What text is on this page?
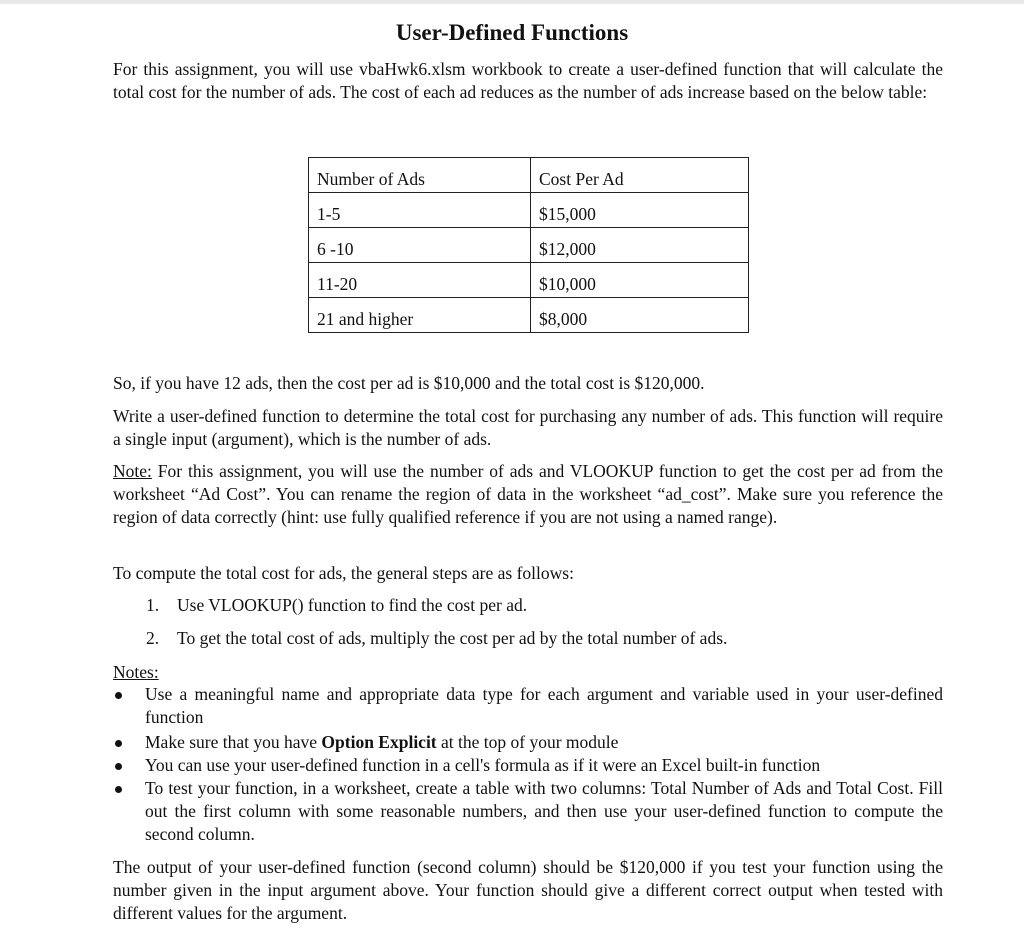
User-Defined Functions
For this assignment, you will use vbaHwk6.xlsm workbook to create a user-defined function that will calculate the total cost for the number of ads. The cost of each ad reduces as the number of ads increase based on the below table:
Number of Ads	Cost Per Ad
1-5	$15,000
6 -10	$12,000
11-20	$10,000
21 and higher	$8,000
So, if you have 12 ads, then the cost per ad is $10,000 and the total cost is $120,000.
Write a user-defined function to determine the total cost for purchasing any number of ads. This function will require a single input (argument), which is the number of ads.
Note: For this assignment, you will use the number of ads and VLOOKUP function to get the cost per ad from the worksheet “Ad Cost”. You can rename the region of data in the worksheet “ad_cost”. Make sure you reference the region of data correctly (hint: use fully qualified reference if you are not using a named range).
To compute the total cost for ads, the general steps are as follows:
1. Use VLOOKUP() function to find the cost per ad.
2. To get the total cost of ads, multiply the cost per ad by the total number of ads.
Notes:
Use a meaningful name and appropriate data type for each argument and variable used in your user-defined function
Make sure that you have Option Explicit at the top of your module
You can use your user-defined function in a cell's formula as if it were an Excel built-in function
To test your function, in a worksheet, create a table with two columns: Total Number of Ads and Total Cost. Fill out the first column with some reasonable numbers, and then use your user-defined function to compute the second column.
The output of your user-defined function (second column) should be $120,000 if you test your function using the number given in the input argument above. Your function should give a different correct output when tested with different values for the argument.
